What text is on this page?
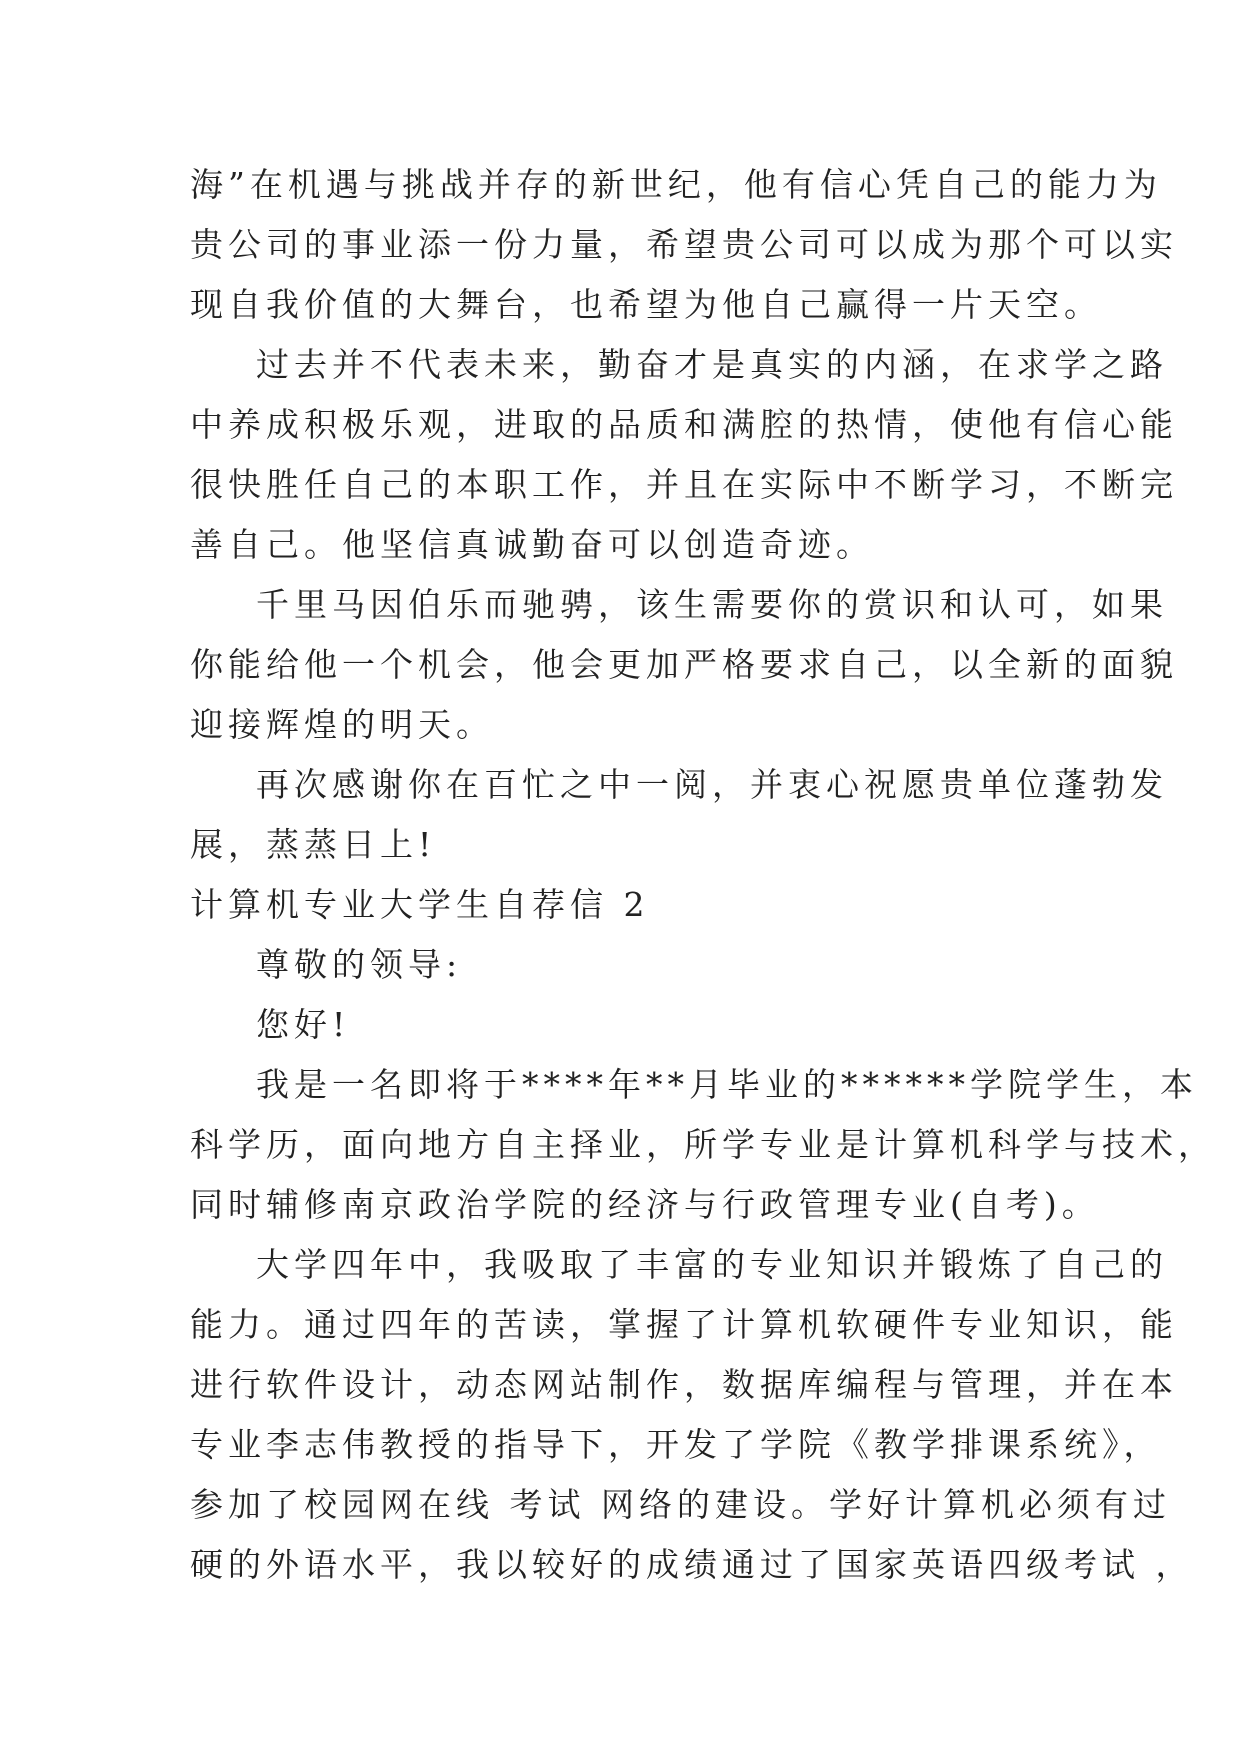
海”在机遇与挑战并存的新世纪，他有信心凭自己的能力为
贵公司的事业添一份力量，希望贵公司可以成为那个可以实
现自我价值的大舞台，也希望为他自己赢得一片天空。
过去并不代表未来，勤奋才是真实的内涵，在求学之路
中养成积极乐观，进取的品质和满腔的热情，使他有信心能
很快胜任自己的本职工作，并且在实际中不断学习，不断完
善自己。他坚信真诚勤奋可以创造奇迹。
千里马因伯乐而驰骋，该生需要你的赏识和认可，如果
你能给他一个机会，他会更加严格要求自己，以全新的面貌
迎接辉煌的明天。
再次感谢你在百忙之中一阅，并衷心祝愿贵单位蓬勃发
展，蒸蒸日上!
计算机专业大学生自荐信 2
尊敬的领导:
您好!
我是一名即将于****年**月毕业的******学院学生，本
科学历，面向地方自主择业，所学专业是计算机科学与技术，
同时辅修南京政治学院的经济与行政管理专业(自考)。
大学四年中，我吸取了丰富的专业知识并锻炼了自己的
能力。通过四年的苦读，掌握了计算机软硬件专业知识，能
进行软件设计，动态网站制作，数据库编程与管理，并在本
专业李志伟教授的指导下，开发了学院《教学排课系统》，
参加了校园网在线 考试 网络的建设。学好计算机必须有过
硬的外语水平，我以较好的成绩通过了国家英语四级考试 ，
